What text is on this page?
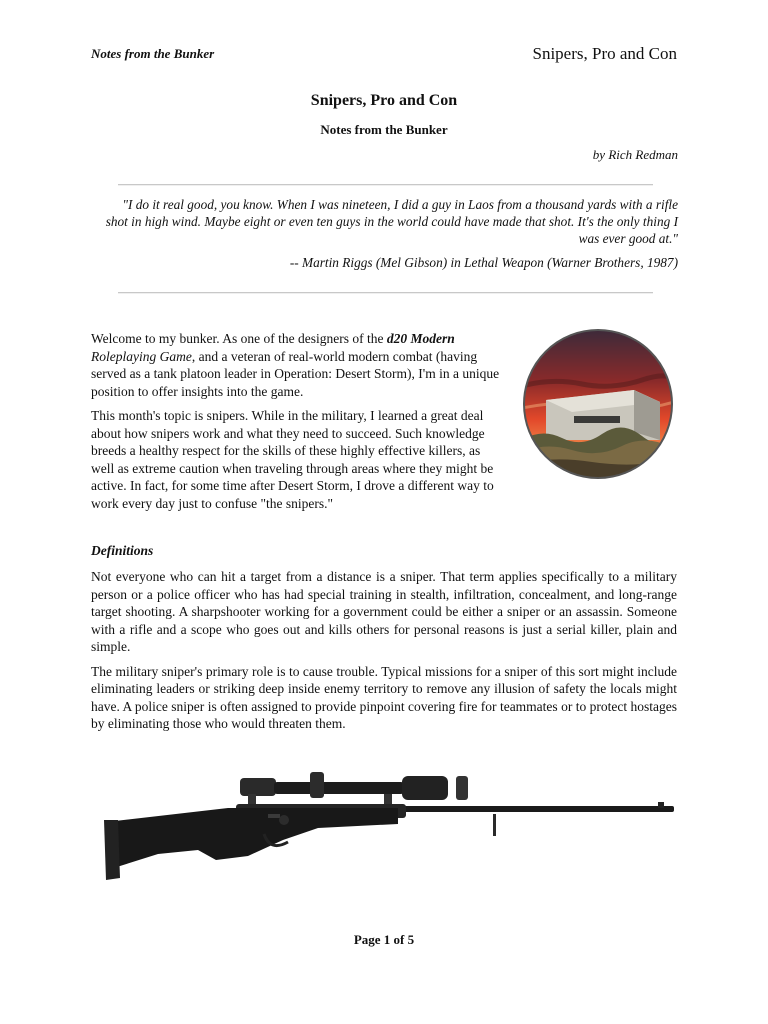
Notes from the Bunker	Snipers, Pro and Con
Snipers, Pro and Con
Notes from the Bunker
by Rich Redman

"I do it real good, you know. When I was nineteen, I did a guy in Laos from a thousand yards with a rifle shot in high wind. Maybe eight or even ten guys in the world could have made that shot. It's the only thing I was ever good at."

-- Martin Riggs (Mel Gibson) in Lethal Weapon (Warner Brothers, 1987)

Welcome to my bunker. As one of the designers of the d20 Modern Roleplaying Game, and a veteran of real-world modern combat (having served as a tank platoon leader in Operation: Desert Storm), I'm in a unique position to offer insights into the game.

This month's topic is snipers. While in the military, I learned a great deal about how snipers work and what they need to succeed. Such knowledge breeds a healthy respect for the skills of these highly effective killers, as well as extreme caution when traveling through areas where they might be active. In fact, for some time after Desert Storm, I drove a different way to work every day just to confuse "the snipers."

Definitions

Not everyone who can hit a target from a distance is a sniper. That term applies specifically to a military person or a police officer who has had special training in stealth, infiltration, concealment, and long-range target shooting. A sharpshooter working for a government could be either a sniper or an assassin. Someone with a rifle and a scope who goes out and kills others for personal reasons is just a serial killer, plain and simple.

The military sniper's primary role is to cause trouble. Typical missions for a sniper of this sort might include eliminating leaders or striking deep inside enemy territory to remove any illusion of safety the locals might have. A police sniper is often assigned to provide pinpoint covering fire for teammates or to protect hostages by eliminating those who would threaten them.

Page 1 of 5
